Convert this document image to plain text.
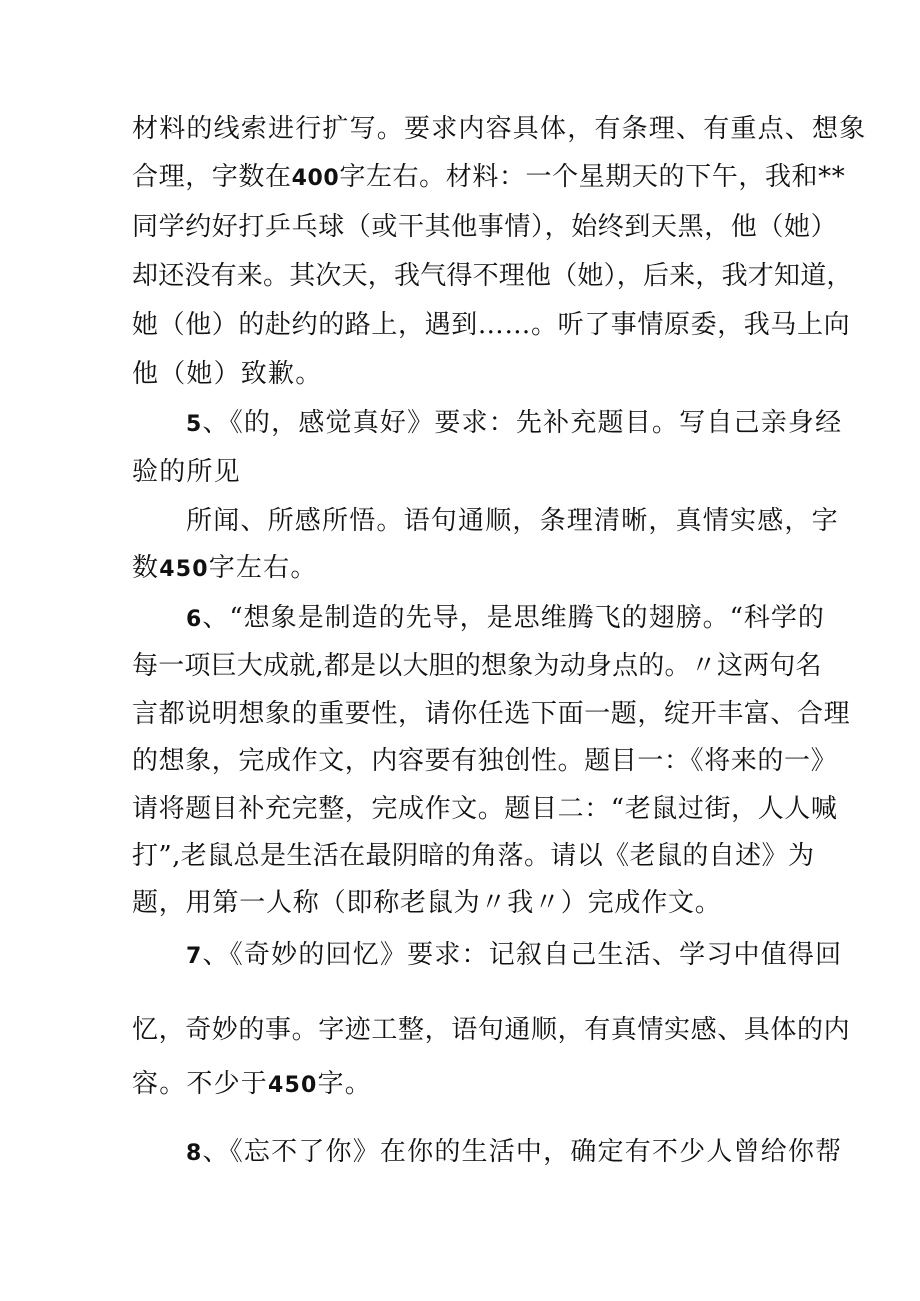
材料的线索进行扩写。要求内容具体，有条理、有重点、想象
合理，字数在400字左右。材料：一个星期天的下午，我和**
同学约好打乒乓球（或干其他事情），始终到天黑，他（她）
却还没有来。其次天，我气得不理他（她），后来，我才知道，
她（他）的赴约的路上，遇到……。听了事情原委，我马上向
他（她）致歉。
5、《的，感觉真好》要求：先补充题目。写自己亲身经
验的所见
所闻、所感所悟。语句通顺，条理清晰，真情实感，字
数450字左右。
6、“想象是制造的先导，是思维腾飞的翅膀。“科学的
每一项巨大成就,都是以大胆的想象为动身点的。〃这两句名
言都说明想象的重要性，请你任选下面一题，绽开丰富、合理
的想象，完成作文，内容要有独创性。题目一：《将来的一》
请将题目补充完整，完成作文。题目二：“老鼠过街，人人喊
打”,老鼠总是生活在最阴暗的角落。请以《老鼠的自述》为
题，用第一人称（即称老鼠为〃我〃）完成作文。
7、《奇妙的回忆》要求：记叙自己生活、学习中值得回
忆，奇妙的事。字迹工整，语句通顺，有真情实感、具体的内
容。不少于450字。
8、《忘不了你》在你的生活中，确定有不少人曾给你帮
